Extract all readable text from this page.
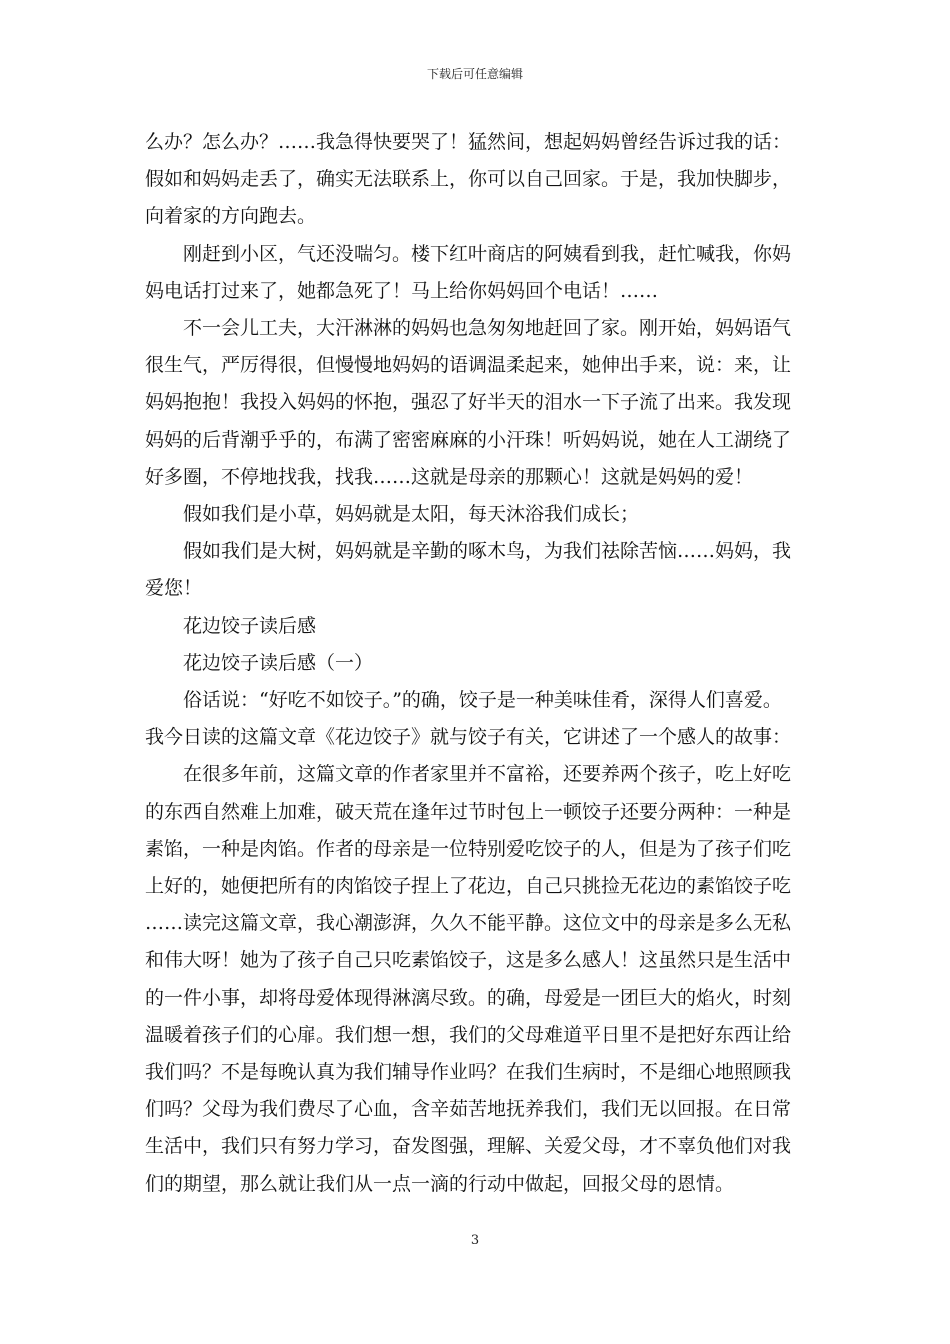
下载后可任意编辑

么办？怎么办？……我急得快要哭了！猛然间，想起妈妈曾经告诉过我的话：
假如和妈妈走丢了，确实无法联系上，你可以自己回家。于是，我加快脚步，
向着家的方向跑去。

刚赶到小区，气还没喘匀。楼下红叶商店的阿姨看到我，赶忙喊我，你妈
妈电话打过来了，她都急死了！马上给你妈妈回个电话！……

不一会儿工夫，大汗淋淋的妈妈也急匆匆地赶回了家。刚开始，妈妈语气
很生气，严厉得很，但慢慢地妈妈的语调温柔起来，她伸出手来，说：来，让
妈妈抱抱！我投入妈妈的怀抱，强忍了好半天的泪水一下子流了出来。我发现
妈妈的后背潮乎乎的，布满了密密麻麻的小汗珠！听妈妈说，她在人工湖绕了
好多圈，不停地找我，找我……这就是母亲的那颗心！这就是妈妈的爱！

假如我们是小草，妈妈就是太阳，每天沐浴我们成长；

假如我们是大树，妈妈就是辛勤的啄木鸟，为我们祛除苦恼……妈妈，我
爱您！

花边饺子读后感

花边饺子读后感（一）

俗话说：“好吃不如饺子。”的确，饺子是一种美味佳肴，深得人们喜爱。
我今日读的这篇文章《花边饺子》就与饺子有关，它讲述了一个感人的故事：

在很多年前，这篇文章的作者家里并不富裕，还要养两个孩子，吃上好吃
的东西自然难上加难，破天荒在逢年过节时包上一顿饺子还要分两种：一种是
素馅，一种是肉馅。作者的母亲是一位特别爱吃饺子的人，但是为了孩子们吃
上好的，她便把所有的肉馅饺子捏上了花边，自己只挑捡无花边的素馅饺子吃
……读完这篇文章，我心潮澎湃，久久不能平静。这位文中的母亲是多么无私
和伟大呀！她为了孩子自己只吃素馅饺子，这是多么感人！这虽然只是生活中
的一件小事，却将母爱体现得淋漓尽致。的确，母爱是一团巨大的焰火，时刻
温暖着孩子们的心扉。我们想一想，我们的父母难道平日里不是把好东西让给
我们吗？不是每晚认真为我们辅导作业吗？在我们生病时，不是细心地照顾我
们吗？父母为我们费尽了心血，含辛茹苦地抚养我们，我们无以回报。在日常
生活中，我们只有努力学习，奋发图强，理解、关爱父母，才不辜负他们对我
们的期望，那么就让我们从一点一滴的行动中做起，回报父母的恩情。

3
